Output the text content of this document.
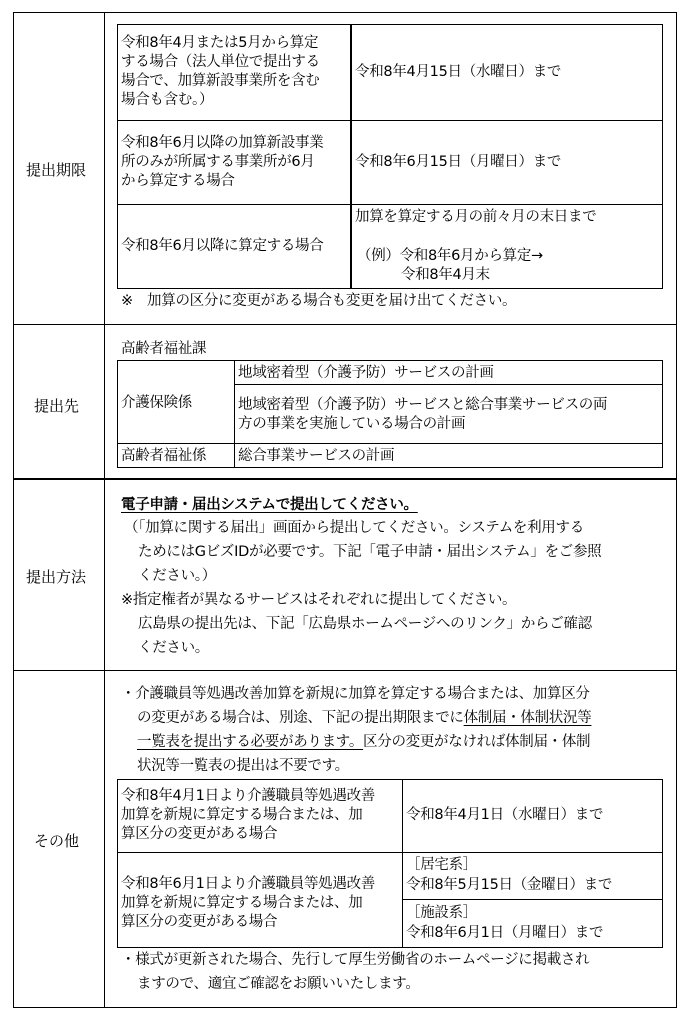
提出期限
提出先
提出方法
その他
令和8年4月または5月から算定
する場合（法人単位で提出する
場合で、加算新設事業所を含む
場合も含む。）
令和8年4月15日（水曜日）まで
令和8年6月以降の加算新設事業
所のみが所属する事業所が6月
から算定する場合
令和8年6月15日（月曜日）まで
令和8年6月以降に算定する場合
加算を算定する月の前々月の末日まで
（例）令和8年6月から算定→
令和8年4月末
※　加算の区分に変更がある場合も変更を届け出てください。
高齢者福祉課
介護保険係
地域密着型（介護予防）サービスの計画
地域密着型（介護予防）サービスと総合事業サービスの両
方の事業を実施している場合の計画
高齢者福祉係 総合事業サービスの計画
電子申請・届出システムで提出してください。
（「加算に関する届出」画面から提出してください。システムを利用する
ためにはGビズIDが必要です。下記「電子申請・届出システム」をご参照
ください。）
※指定権者が異なるサービスはそれぞれに提出してください。
広島県の提出先は、下記「広島県ホームページへのリンク」からご確認
ください。
・介護職員等処遇改善加算を新規に加算を算定する場合または、加算区分
の変更がある場合は、別途、下記の提出期限までに体制届・体制状況等
一覧表を提出する必要があります。区分の変更がなければ体制届・体制
状況等一覧表の提出は不要です。
令和8年4月1日より介護職員等処遇改善
加算を新規に算定する場合または、加
算区分の変更がある場合
令和8年4月1日（水曜日）まで
令和8年6月1日より介護職員等処遇改善
加算を新規に算定する場合または、加
算区分の変更がある場合
［居宅系］
令和8年5月15日（金曜日）まで
［施設系］
令和8年6月1日（月曜日）まで
・様式が更新された場合、先行して厚生労働省のホームページに掲載され
ますので、適宜ご確認をお願いいたします。
